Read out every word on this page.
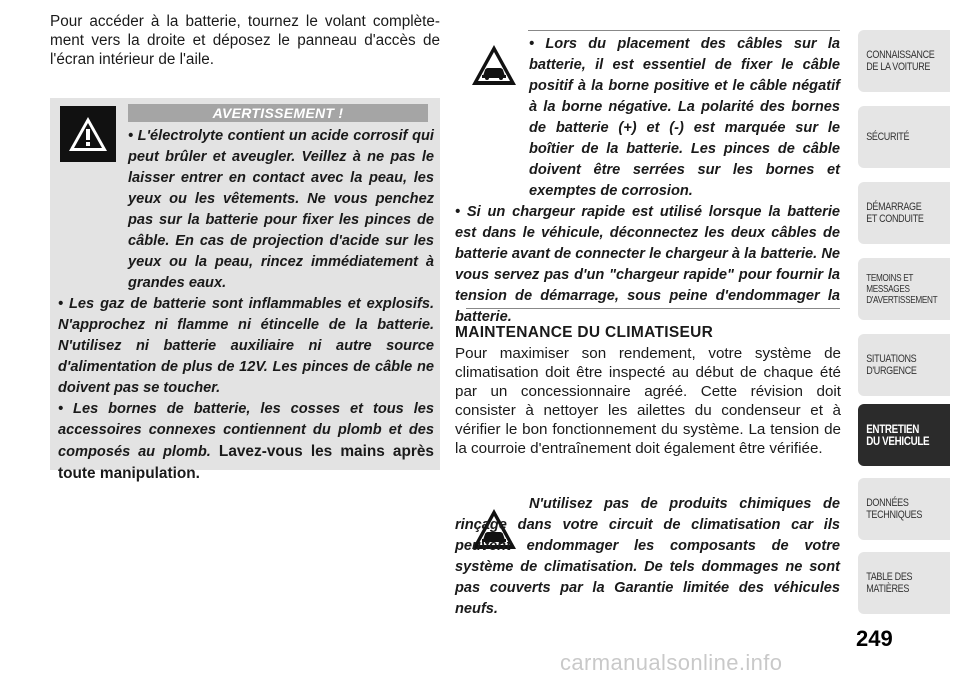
Pour accéder à la batterie, tournez le volant complètement vers la droite et déposez le panneau d'accès de l'écran intérieur de l'aile.

AVERTISSEMENT !

• L'électrolyte contient un acide corrosif qui peut brûler et aveugler. Veillez à ne pas le laisser entrer en contact avec la peau, les yeux ou les vêtements. Ne vous penchez pas sur la batterie pour fixer les pinces de câble. En cas de projection d'acide sur les yeux ou la peau, rincez immédiatement à grandes eaux.

• Les gaz de batterie sont inflammables et explosifs. N'approchez ni flamme ni étincelle de la batterie. N'utilisez ni batterie auxiliaire ni autre source d'alimentation de plus de 12V. Les pinces de câble ne doivent pas se toucher.

• Les bornes de batterie, les cosses et tous les accessoires connexes contiennent du plomb et des composés au plomb. Lavez-vous les mains après toute manipulation.

• Lors du placement des câbles sur la batterie, il est essentiel de fixer le câble positif à la borne positive et le câble négatif à la borne négative. La polarité des bornes de batterie (+) et (-) est marquée sur le boîtier de la batterie. Les pinces de câble doivent être serrées sur les bornes et exemptes de corrosion.

• Si un chargeur rapide est utilisé lorsque la batterie est dans le véhicule, déconnectez les deux câbles de batterie avant de connecter le chargeur à la batterie. Ne vous servez pas d'un "chargeur rapide" pour fournir la tension de démarrage, sous peine d'endommager la batterie.

MAINTENANCE DU CLIMATISEUR

Pour maximiser son rendement, votre système de climatisation doit être inspecté au début de chaque été par un concessionnaire agréé. Cette révision doit consister à nettoyer les ailettes du condenseur et à vérifier le bon fonctionnement du système. La tension de la courroie d'entraînement doit également être vérifiée.

N'utilisez pas de produits chimiques de rinçage dans votre circuit de climatisation car ils peuvent endommager les composants de votre système de climatisation. De tels dommages ne sont pas couverts par la Garantie limitée des véhicules neufs.

CONNAISSANCE
DE LA VOITURE
SÉCURITÉ
DÉMARRAGE
ET CONDUITE
TEMOINS ET
MESSAGES
D'AVERTISSEMENT
SITUATIONS
D'URGENCE
ENTRETIEN
DU VEHICULE
DONNÉES
TECHNIQUES
TABLE DES
MATIÈRES

249

carmanualsonline.info
